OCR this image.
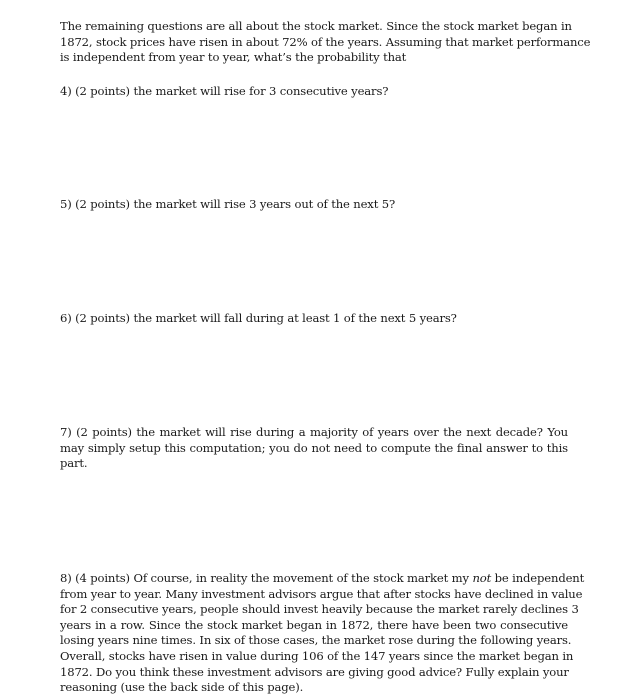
The remaining questions are all about the stock market. Since the stock market began in
1872, stock prices have risen in about 72% of the years. Assuming that market performance
is independent from year to year, what’s the probability that
4) (2 points) the market will rise for 3 consecutive years?
5) (2 points) the market will rise 3 years out of the next 5?
6) (2 points) the market will fall during at least 1 of the next 5 years?
7) (2 points) the market will rise during a majority of years over the next decade? You
may simply setup this computation; you do not need to compute the final answer to this
part.
8) (4 points) Of course, in reality the movement of the stock market my not be independent
from year to year. Many investment advisors argue that after stocks have declined in value
for 2 consecutive years, people should invest heavily because the market rarely declines 3
years in a row. Since the stock market began in 1872, there have been two consecutive
losing years nine times. In six of those cases, the market rose during the following years.
Overall, stocks have risen in value during 106 of the 147 years since the market began in
1872. Do you think these investment advisors are giving good advice? Fully explain your
reasoning (use the back side of this page).
